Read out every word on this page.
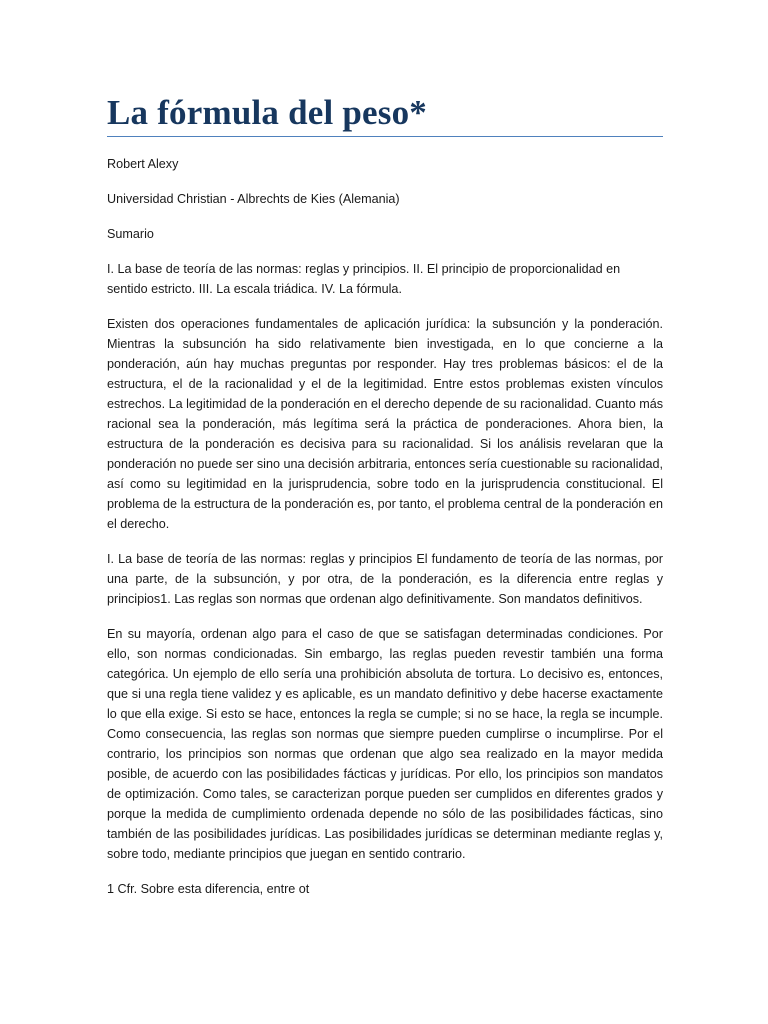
La fórmula del peso*

Robert Alexy

Universidad Christian - Albrechts de Kies (Alemania)

Sumario

I. La base de teoría de las normas: reglas y principios. II. El principio de proporcionalidad en sentido estricto. III. La escala triádica. IV. La fórmula.

Existen dos operaciones fundamentales de aplicación jurídica: la subsunción y la ponderación. Mientras la subsunción ha sido relativamente bien investigada, en lo que concierne a la ponderación, aún hay muchas preguntas por responder. Hay tres problemas básicos: el de la estructura, el de la racionalidad y el de la legitimidad. Entre estos problemas existen vínculos estrechos. La legitimidad de la ponderación en el derecho depende de su racionalidad. Cuanto más racional sea la ponderación, más legítima será la práctica de ponderaciones. Ahora bien, la estructura de la ponderación es decisiva para su racionalidad. Si los análisis revelaran que la ponderación no puede ser sino una decisión arbitraria, entonces sería cuestionable su racionalidad, así como su legitimidad en la jurisprudencia, sobre todo en la jurisprudencia constitucional. El problema de la estructura de la ponderación es, por tanto, el problema central de la ponderación en el derecho.

I. La base de teoría de las normas: reglas y principios El fundamento de teoría de las normas, por una parte, de la subsunción, y por otra, de la ponderación, es la diferencia entre reglas y principios1. Las reglas son normas que ordenan algo definitivamente. Son mandatos definitivos.

En su mayoría, ordenan algo para el caso de que se satisfagan determinadas condiciones. Por ello, son normas condicionadas. Sin embargo, las reglas pueden revestir también una forma categórica. Un ejemplo de ello sería una prohibición absoluta de tortura. Lo decisivo es, entonces, que si una regla tiene validez y es aplicable, es un mandato definitivo y debe hacerse exactamente lo que ella exige. Si esto se hace, entonces la regla se cumple; si no se hace, la regla se incumple. Como consecuencia, las reglas son normas que siempre pueden cumplirse o incumplirse. Por el contrario, los principios son normas que ordenan que algo sea realizado en la mayor medida posible, de acuerdo con las posibilidades fácticas y jurídicas. Por ello, los principios son mandatos de optimización. Como tales, se caracterizan porque pueden ser cumplidos en diferentes grados y porque la medida de cumplimiento ordenada depende no sólo de las posibilidades fácticas, sino también de las posibilidades jurídicas. Las posibilidades jurídicas se determinan mediante reglas y, sobre todo, mediante principios que juegan en sentido contrario.

1 Cfr. Sobre esta diferencia, entre ot
